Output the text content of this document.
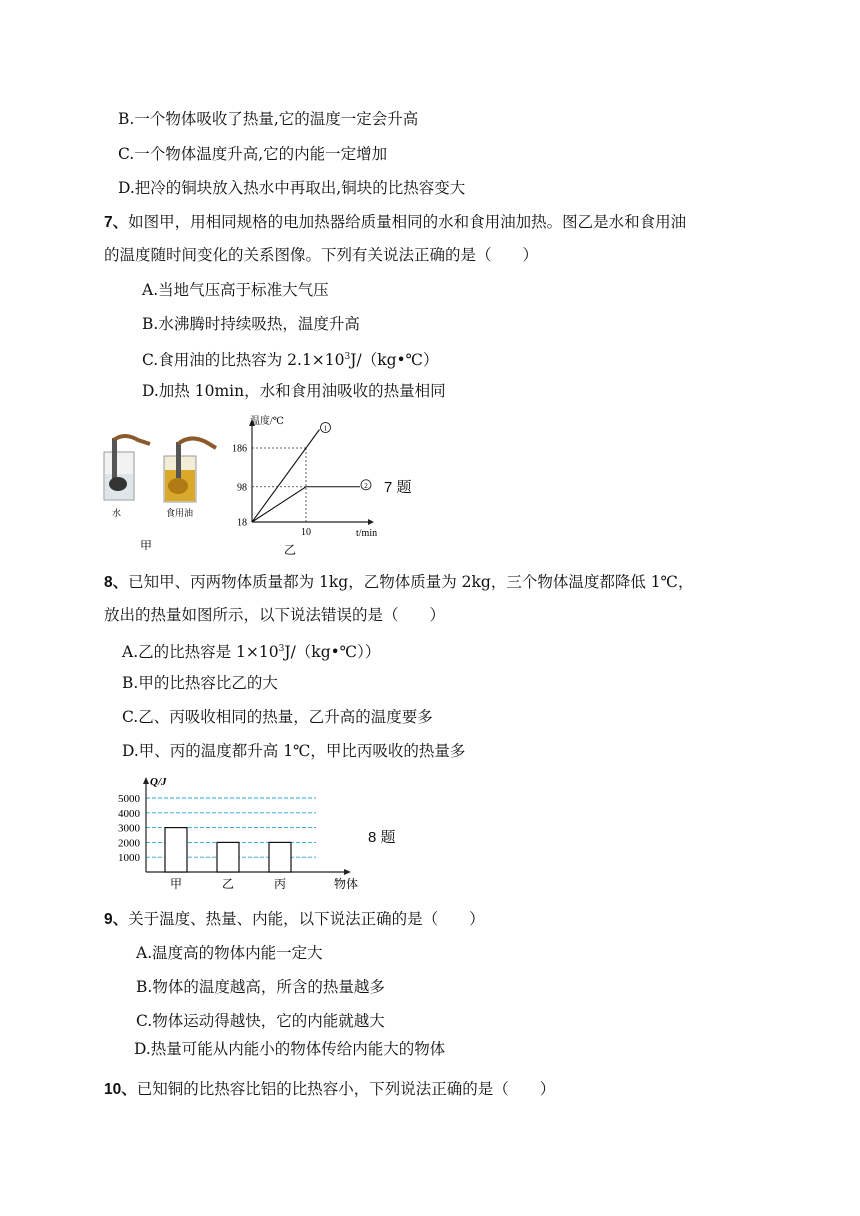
B.一个物体吸收了热量,它的温度一定会升高
C.一个物体温度升高,它的内能一定增加
D.把冷的铜块放入热水中再取出,铜块的比热容变大
7、如图甲，用相同规格的电加热器给质量相同的水和食用油加热。图乙是水和食用油
的温度随时间变化的关系图像。下列有关说法正确的是（　　）
A.当地气压高于标准大气压
B.水沸腾时持续吸热，温度升高
C.食用油的比热容为 $2.1\times 10^3J/(kg•℃)$
D.加热 10min，水和食用油吸收的热量相同
水	食用油
甲
温度/℃
t/min
18
98
186
10
乙
1
2 7 题
8、已知甲、丙两物体质量都为 1kg，乙物体质量为 2kg，三个物体温度都降低 1℃，
放出的热量如图所示，以下说法错误的是（　　）
A.乙的比热容是 $1\times 10^3J/(kg•℃)$）
B.甲的比热容比乙的大
C.乙、丙吸收相同的热量，乙升高的温度要多
D.甲、丙的温度都升高 1℃，甲比丙吸收的热量多
1000
2000
3000
4000
5000
Q/J
物体
甲	乙	丙
8 题
9、关于温度、热量、内能，以下说法正确的是（　　）
A.温度高的物体内能一定大
B.物体的温度越高，所含的热量越多
C.物体运动得越快，它的内能就越大
D.热量可能从内能小的物体传给内能大的物体
10、已知铜的比热容比铝的比热容小，下列说法正确的是（　　）
